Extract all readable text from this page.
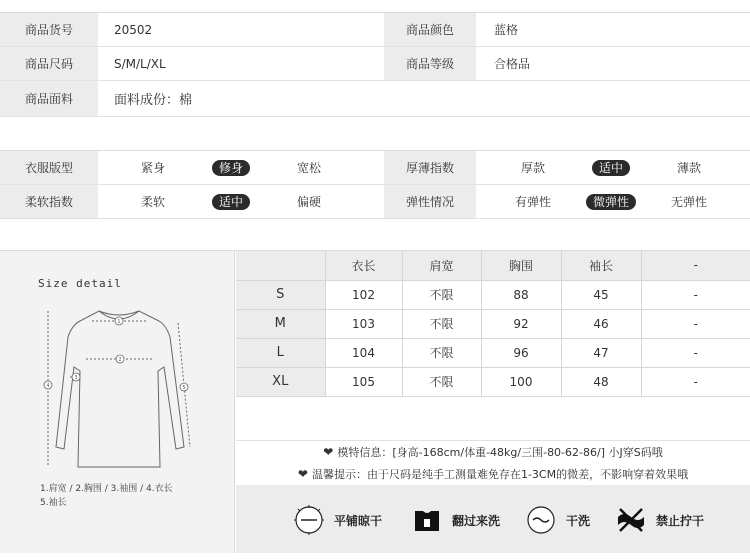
商品货号	20502	商品颜色	蓝格
商品尺码	S/M/L/XL	商品等级	合格品
商品面料	面料成份：棉
衣服版型	紧身	修身	宽松	厚薄指数	厚款	适中	薄款
柔软指数	柔软	适中	偏硬	弹性情况	有弹性	微弹性	无弹性
Size detail
1
2
3
4	5
1.肩宽 / 2.胸围 / 3.袖围 / 4.衣长
5.袖长
	衣长	肩宽	胸围	袖长	-
S	102	不限	88	45	-
M	103	不限	92	46	-
L	104	不限	96	47	-
XL	105	不限	100	48	-
❤ 模特信息：[身高-168cm/体重-48kg/三围-80-62-86/] 小J穿S码哦
❤ 温馨提示：由于尺码是纯手工测量难免存在1-3CM的微差，不影响穿着效果哦
平铺晾干	翻过来洗	干洗	禁止拧干
